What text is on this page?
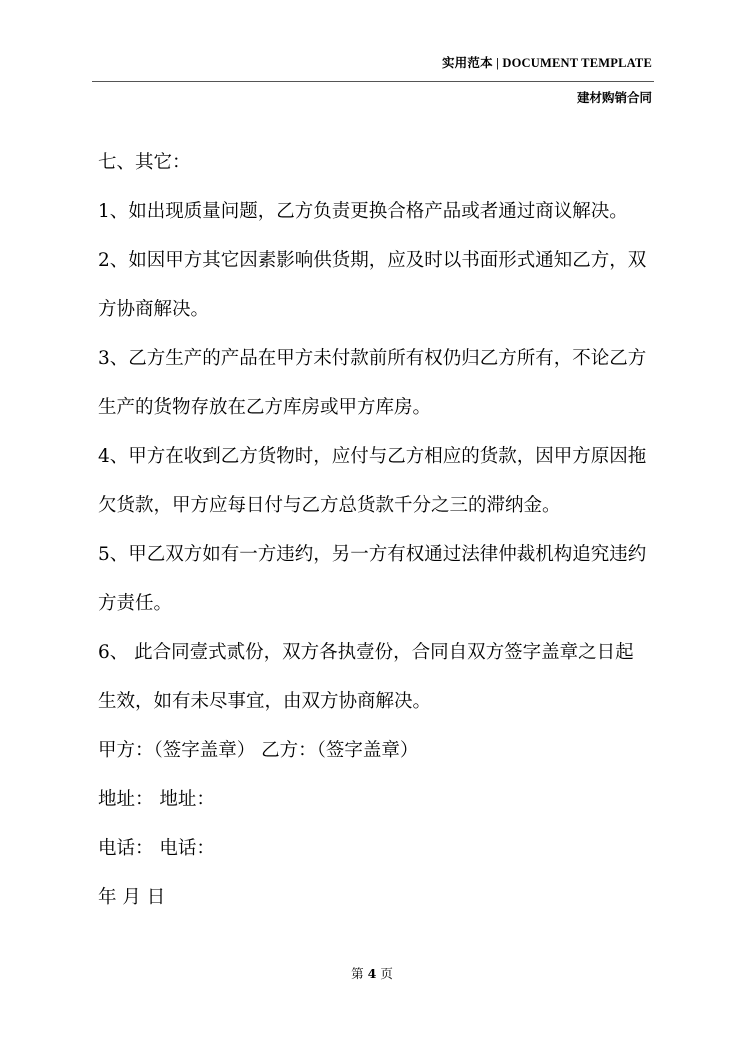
实用范本 | DOCUMENT TEMPLATE
建材购销合同

七、其它：

1、如出现质量问题，乙方负责更换合格产品或者通过商议解决。

2、如因甲方其它因素影响供货期，应及时以书面形式通知乙方，双

方协商解决。

3、乙方生产的产品在甲方未付款前所有权仍归乙方所有，不论乙方

生产的货物存放在乙方库房或甲方库房。

4、甲方在收到乙方货物时，应付与乙方相应的货款，因甲方原因拖

欠货款，甲方应每日付与乙方总货款千分之三的滞纳金。

5、甲乙双方如有一方违约，另一方有权通过法律仲裁机构追究违约

方责任。

6、 此合同壹式贰份，双方各执壹份，合同自双方签字盖章之日起

生效，如有未尽事宜，由双方协商解决。

甲方：（签字盖章） 乙方：（签字盖章）

地址： 地址：

电话： 电话：

年 月 日

第 4 页
